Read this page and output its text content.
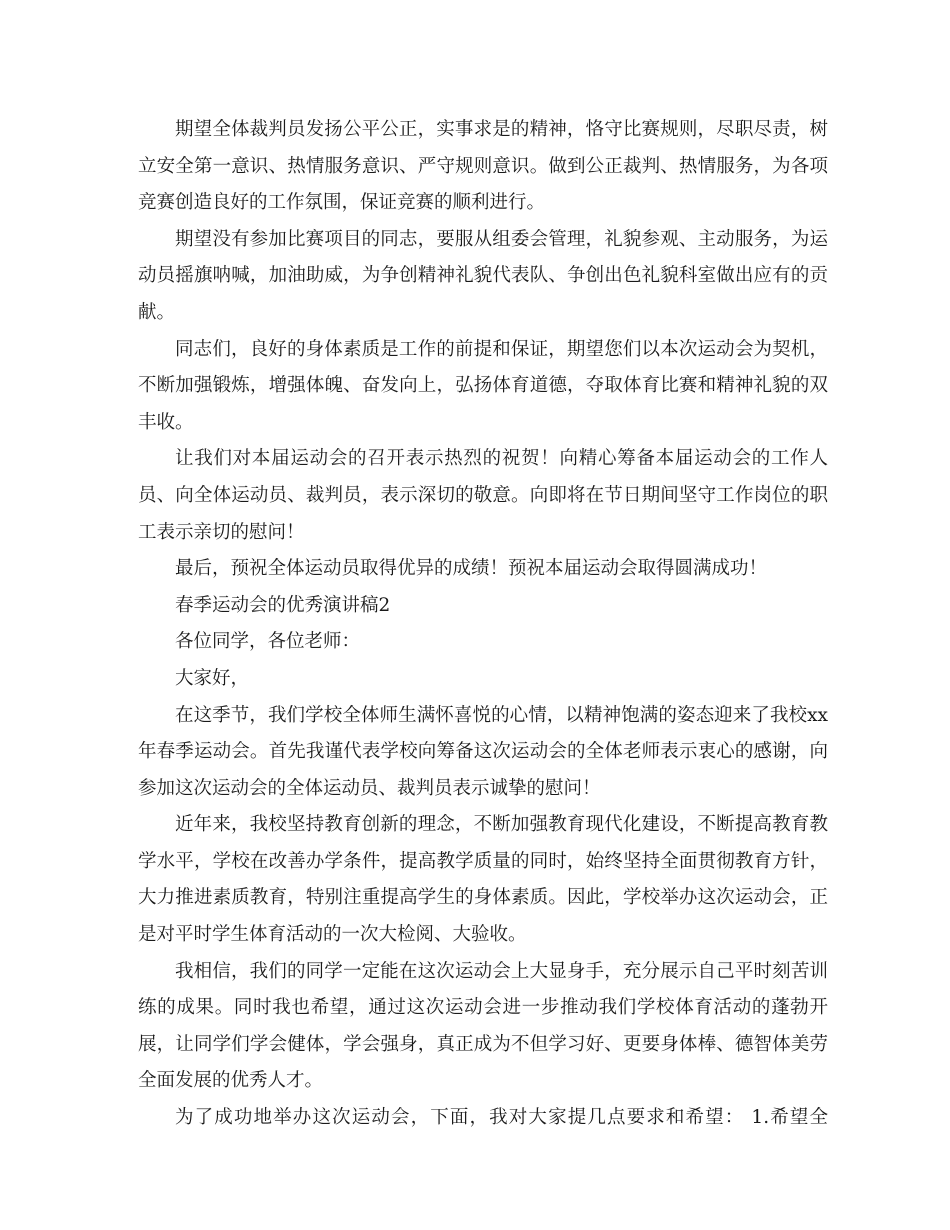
期望全体裁判员发扬公平公正，实事求是的精神，恪守比赛规则，尽职尽责，树立安全第一意识、热情服务意识、严守规则意识。做到公正裁判、热情服务，为各项竞赛创造良好的工作氛围，保证竞赛的顺利进行。

期望没有参加比赛项目的同志，要服从组委会管理，礼貌参观、主动服务，为运动员摇旗呐喊，加油助威，为争创精神礼貌代表队、争创出色礼貌科室做出应有的贡献。

同志们，良好的身体素质是工作的前提和保证，期望您们以本次运动会为契机，不断加强锻炼，增强体魄、奋发向上，弘扬体育道德，夺取体育比赛和精神礼貌的双丰收。

让我们对本届运动会的召开表示热烈的祝贺！向精心筹备本届运动会的工作人员、向全体运动员、裁判员，表示深切的敬意。向即将在节日期间坚守工作岗位的职工表示亲切的慰问！

最后，预祝全体运动员取得优异的成绩！预祝本届运动会取得圆满成功！

春季运动会的优秀演讲稿2

各位同学，各位老师：

大家好，

在这季节，我们学校全体师生满怀喜悦的心情，以精神饱满的姿态迎来了我校xx年春季运动会。首先我谨代表学校向筹备这次运动会的全体老师表示衷心的感谢，向参加这次运动会的全体运动员、裁判员表示诚挚的慰问！

近年来，我校坚持教育创新的理念，不断加强教育现代化建设，不断提高教育教学水平，学校在改善办学条件，提高教学质量的同时，始终坚持全面贯彻教育方针，大力推进素质教育，特别注重提高学生的身体素质。因此，学校举办这次运动会，正是对平时学生体育活动的一次大检阅、大验收。

我相信，我们的同学一定能在这次运动会上大显身手，充分展示自己平时刻苦训练的成果。同时我也希望，通过这次运动会进一步推动我们学校体育活动的蓬勃开展，让同学们学会健体，学会强身，真正成为不但学习好、更要身体棒、德智体美劳全面发展的优秀人才。

为了成功地举办这次运动会，下面，我对大家提几点要求和希望： 1.希望全
